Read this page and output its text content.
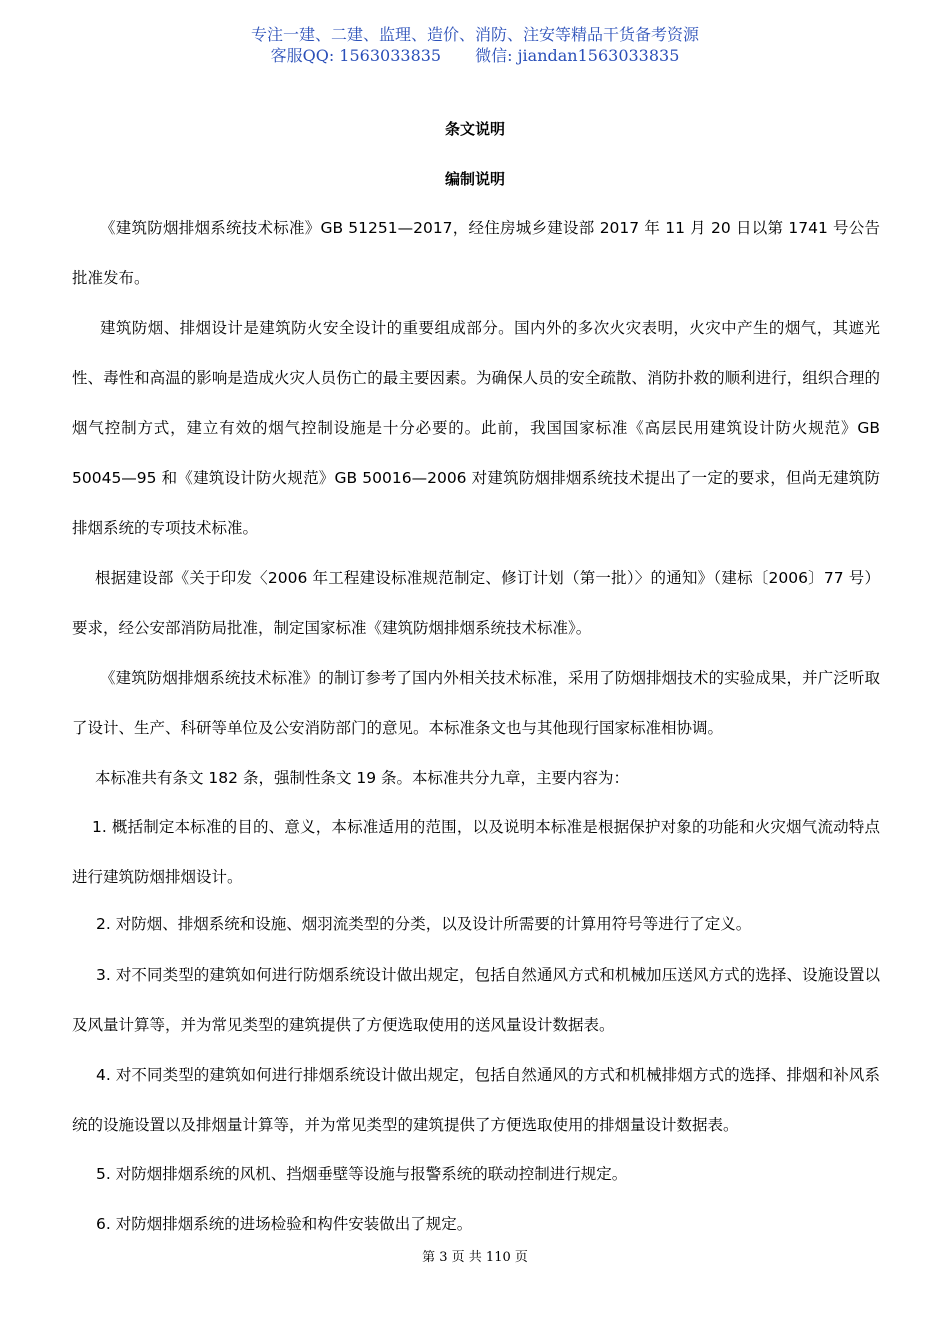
专注一建、二建、监理、造价、消防、注安等精品干货备考资源
客服QQ: 1563033835 微信: jiandan1563033835
条文说明
编制说明
《建筑防烟排烟系统技术标准》GB 51251—2017，经住房城乡建设部 2017 年 11 月 20 日以第 1741 号公告批准发布。
建筑防烟、排烟设计是建筑防火安全设计的重要组成部分。国内外的多次火灾表明，火灾中产生的烟气，其遮光性、毒性和高温的影响是造成火灾人员伤亡的最主要因素。为确保人员的安全疏散、消防扑救的顺利进行，组织合理的烟气控制方式，建立有效的烟气控制设施是十分必要的。此前，我国国家标准《高层民用建筑设计防火规范》GB 50045—95 和《建筑设计防火规范》GB 50016—2006 对建筑防烟排烟系统技术提出了一定的要求，但尚无建筑防排烟系统的专项技术标准。
根据建设部《关于印发〈2006 年工程建设标准规范制定、修订计划（第一批）〉的通知》（建标〔2006〕77 号）要求，经公安部消防局批准，制定国家标准《建筑防烟排烟系统技术标准》。
《建筑防烟排烟系统技术标准》的制订参考了国内外相关技术标准，采用了防烟排烟技术的实验成果，并广泛听取了设计、生产、科研等单位及公安消防部门的意见。本标准条文也与其他现行国家标准相协调。
本标准共有条文 182 条，强制性条文 19 条。本标准共分九章，主要内容为：
1. 概括制定本标准的目的、意义，本标准适用的范围，以及说明本标准是根据保护对象的功能和火灾烟气流动特点进行建筑防烟排烟设计。
2. 对防烟、排烟系统和设施、烟羽流类型的分类，以及设计所需要的计算用符号等进行了定义。
3. 对不同类型的建筑如何进行防烟系统设计做出规定，包括自然通风方式和机械加压送风方式的选择、设施设置以及风量计算等，并为常见类型的建筑提供了方便选取使用的送风量设计数据表。
4. 对不同类型的建筑如何进行排烟系统设计做出规定，包括自然通风的方式和机械排烟方式的选择、排烟和补风系统的设施设置以及排烟量计算等，并为常见类型的建筑提供了方便选取使用的排烟量设计数据表。
5. 对防烟排烟系统的风机、挡烟垂壁等设施与报警系统的联动控制进行规定。
6. 对防烟排烟系统的进场检验和构件安装做出了规定。
第 3 页 共 110 页
